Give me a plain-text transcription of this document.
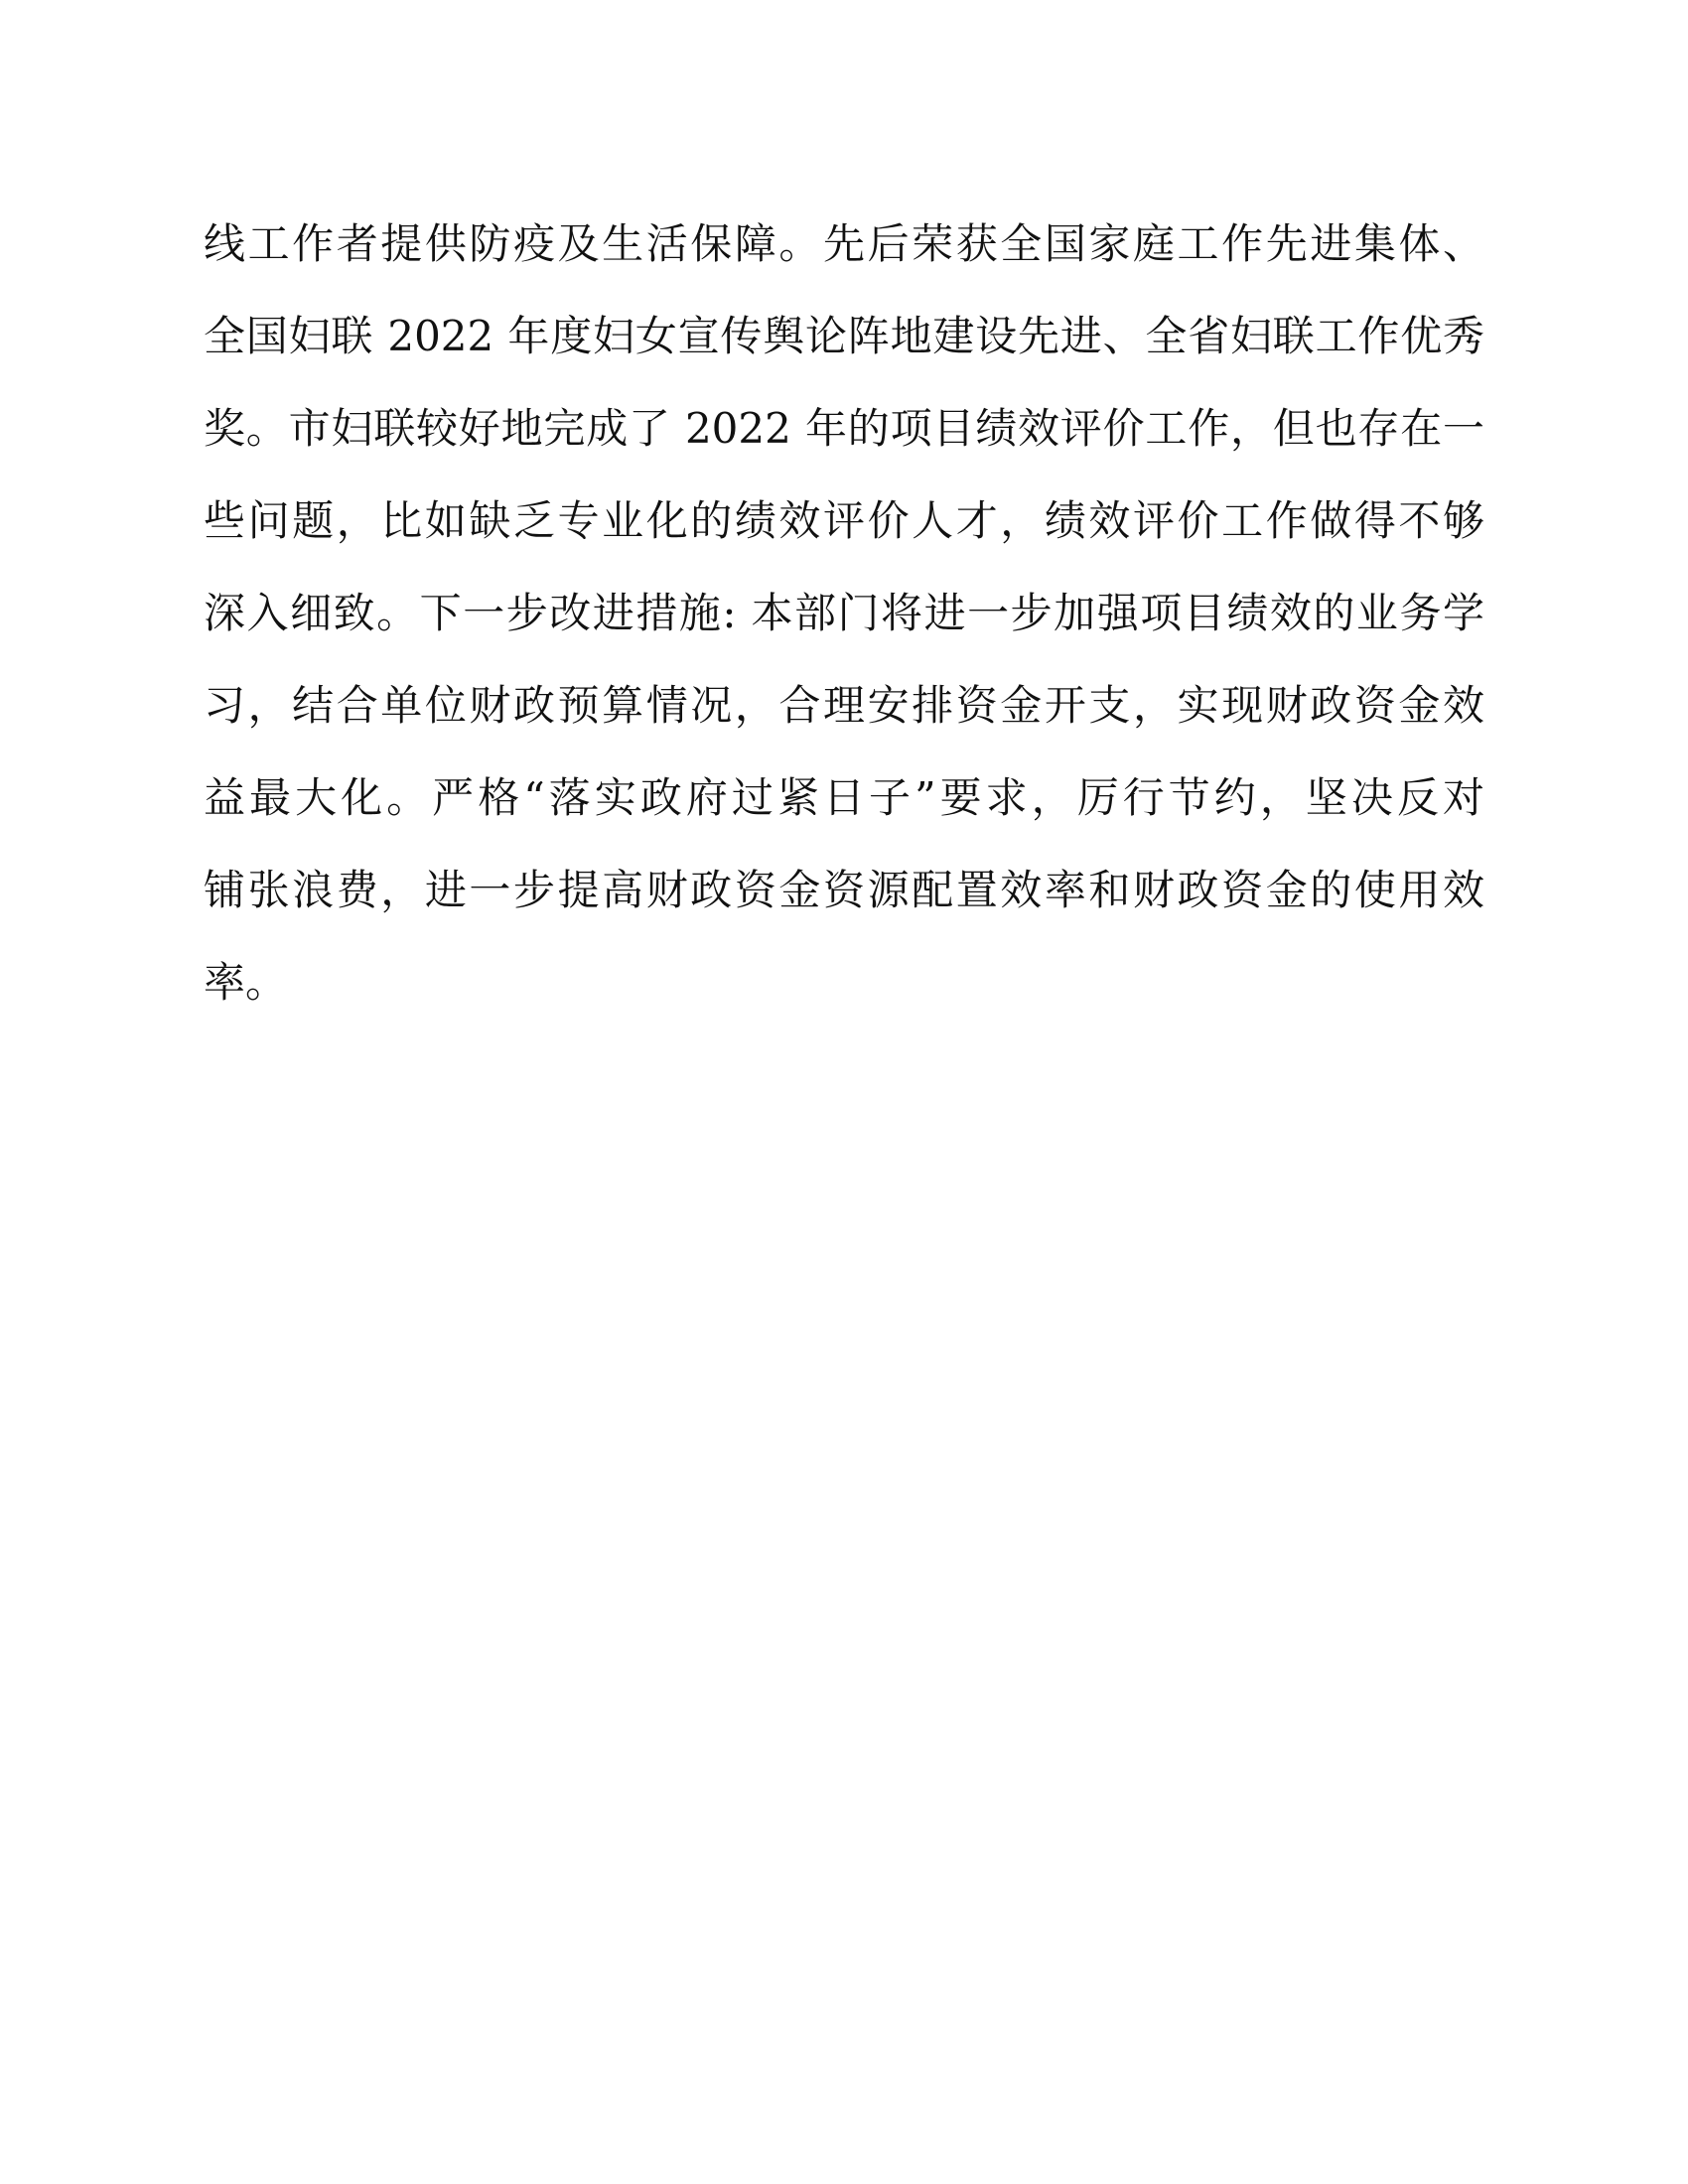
线工作者提供防疫及生活保障。先后荣获全国家庭工作先进集体、
全国妇联 2022 年度妇女宣传舆论阵地建设先进、全省妇联工作优秀
奖。市妇联较好地完成了 2022 年的项目绩效评价工作，但也存在一
些问题，比如缺乏专业化的绩效评价人才，绩效评价工作做得不够
深入细致。下一步改进措施: 本部门将进一步加强项目绩效的业务学
习，结合单位财政预算情况，合理安排资金开支，实现财政资金效
益最大化。严格“落实政府过紧日子”要求，厉行节约，坚决反对
铺张浪费，进一步提高财政资金资源配置效率和财政资金的使用效
率。
